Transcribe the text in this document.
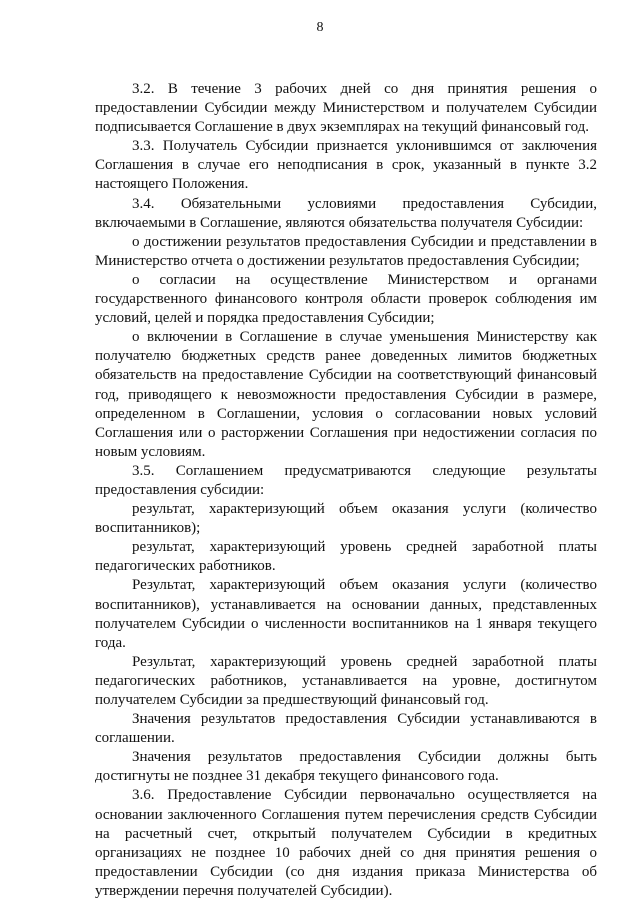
8

3.2. В течение 3 рабочих дней со дня принятия решения о предоставлении Субсидии между Министерством и получателем Субсидии подписывается Соглашение в двух экземплярах на текущий финансовый год.

3.3. Получатель Субсидии признается уклонившимся от заключения Соглашения в случае его неподписания в срок, указанный в пункте 3.2 настоящего Положения.

3.4. Обязательными условиями предоставления Субсидии, включаемыми в Соглашение, являются обязательства получателя Субсидии:

о достижении результатов предоставления Субсидии и представлении в Министерство отчета о достижении результатов предоставления Субсидии;

о согласии на осуществление Министерством и органами государственного финансового контроля области проверок соблюдения им условий, целей и порядка предоставления Субсидии;

о включении в Соглашение в случае уменьшения Министерству как получателю бюджетных средств ранее доведенных лимитов бюджетных обязательств на предоставление Субсидии на соответствующий финансовый год, приводящего к невозможности предоставления Субсидии в размере, определенном в Соглашении, условия о согласовании новых условий Соглашения или о расторжении Соглашения при недостижении согласия по новым условиям.

3.5. Соглашением предусматриваются следующие результаты предоставления субсидии:

результат, характеризующий объем оказания услуги (количество воспитанников);

результат, характеризующий уровень средней заработной платы педагогических работников.

Результат, характеризующий объем оказания услуги (количество воспитанников), устанавливается на основании данных, представленных получателем Субсидии о численности воспитанников на 1 января текущего года.

Результат, характеризующий уровень средней заработной платы педагогических работников, устанавливается на уровне, достигнутом получателем Субсидии за предшествующий финансовый год.

Значения результатов предоставления Субсидии устанавливаются в соглашении.

Значения результатов предоставления Субсидии должны быть достигнуты не позднее 31 декабря текущего финансового года.

3.6. Предоставление Субсидии первоначально осуществляется на основании заключенного Соглашения путем перечисления средств Субсидии на расчетный счет, открытый получателем Субсидии в кредитных организациях не позднее 10 рабочих дней со дня принятия решения о предоставлении Субсидии (со дня издания приказа Министерства об утверждении перечня получателей Субсидии).
